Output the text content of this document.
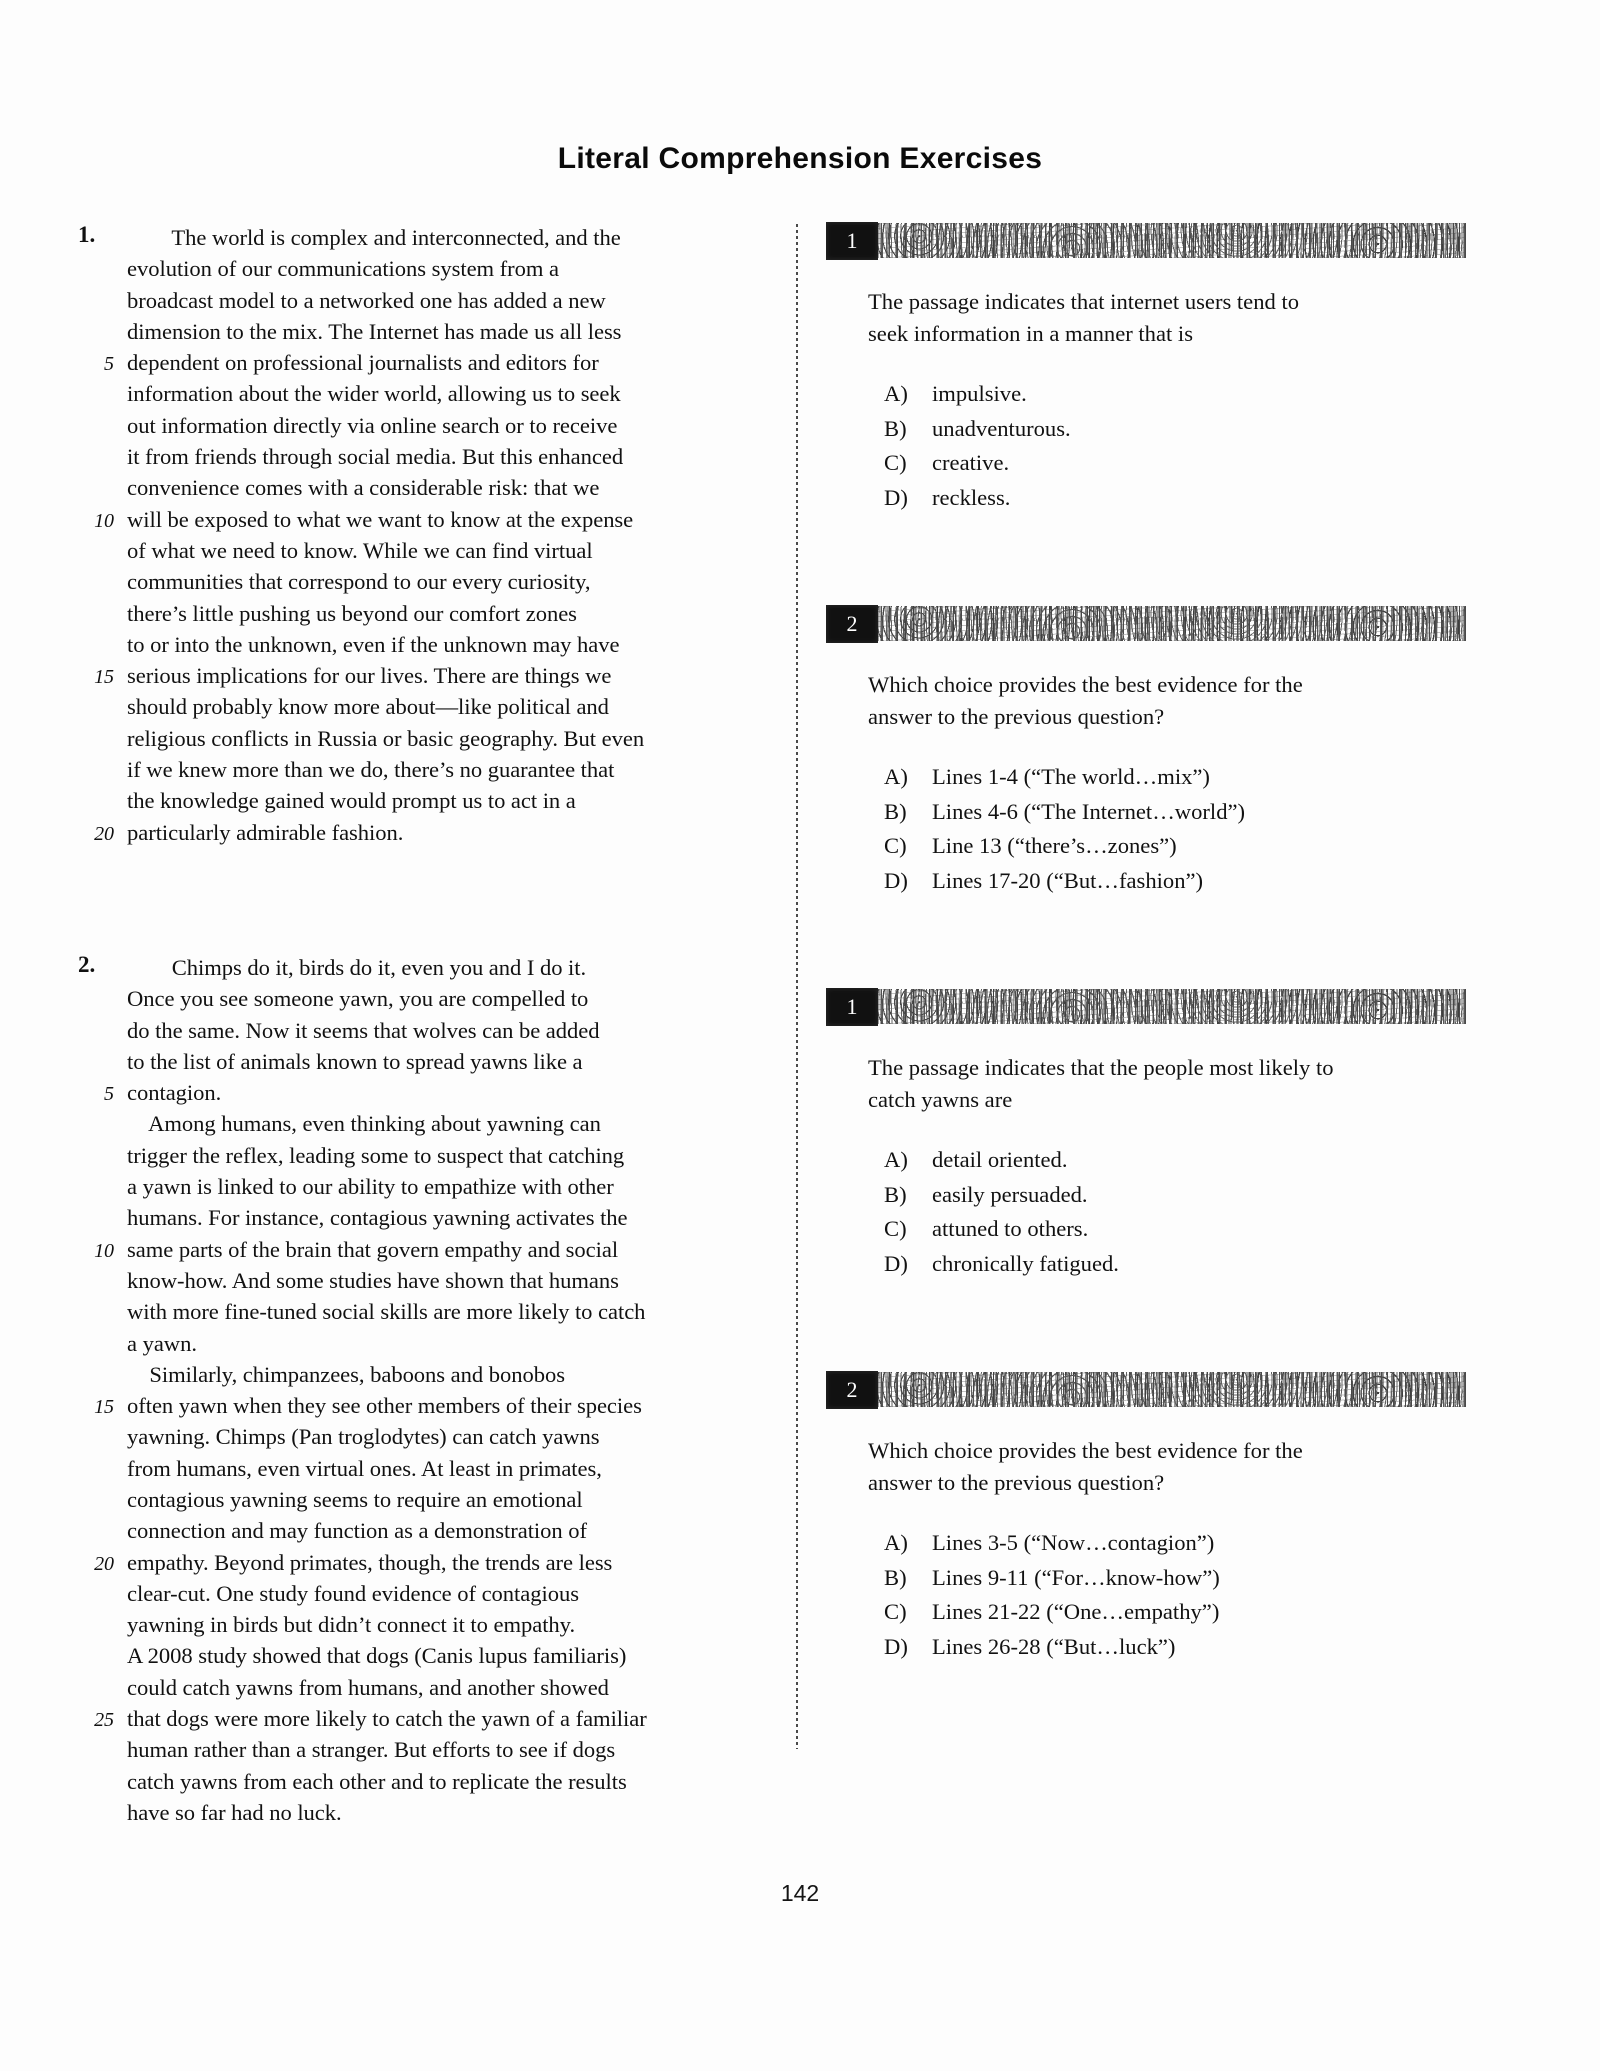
Literal Comprehension Exercises
1.	The world is complex and interconnected, and the
evolution of our communications system from a
broadcast model to a networked one has added a new
dimension to the mix. The Internet has made us all less
5 dependent on professional journalists and editors for
information about the wider world, allowing us to seek
out information directly via online search or to receive
it from friends through social media. But this enhanced
convenience comes with a considerable risk: that we
10 will be exposed to what we want to know at the expense
of what we need to know. While we can find virtual
communities that correspond to our every curiosity,
there’s little pushing us beyond our comfort zones
to or into the unknown, even if the unknown may have
15 serious implications for our lives. There are things we
should probably know more about—like political and
religious conflicts in Russia or basic geography. But even
if we knew more than we do, there’s no guarantee that
the knowledge gained would prompt us to act in a
20 particularly admirable fashion.
2.	Chimps do it, birds do it, even you and I do it.
Once you see someone yawn, you are compelled to
do the same. Now it seems that wolves can be added
to the list of animals known to spread yawns like a
5 contagion.
Among humans, even thinking about yawning can
trigger the reflex, leading some to suspect that catching
a yawn is linked to our ability to empathize with other
humans. For instance, contagious yawning activates the
10 same parts of the brain that govern empathy and social
know-how. And some studies have shown that humans
with more fine-tuned social skills are more likely to catch
a yawn.
Similarly, chimpanzees, baboons and bonobos
15 often yawn when they see other members of their species
yawning. Chimps (Pan troglodytes) can catch yawns
from humans, even virtual ones. At least in primates,
contagious yawning seems to require an emotional
connection and may function as a demonstration of
20 empathy. Beyond primates, though, the trends are less
clear-cut. One study found evidence of contagious
yawning in birds but didn’t connect it to empathy.
A 2008 study showed that dogs (Canis lupus familiaris)
could catch yawns from humans, and another showed
25 that dogs were more likely to catch the yawn of a familiar
human rather than a stranger. But efforts to see if dogs
catch yawns from each other and to replicate the results
have so far had no luck.
1
The passage indicates that internet users tend to
seek information in a manner that is
A) impulsive.
B) unadventurous.
C) creative.
D) reckless.
2
Which choice provides the best evidence for the
answer to the previous question?
A) Lines 1-4 (“The world…mix”)
B) Lines 4-6 (“The Internet…world”)
C) Line 13 (“there’s…zones”)
D) Lines 17-20 (“But…fashion”)
1
The passage indicates that the people most likely to
catch yawns are
A) detail oriented.
B) easily persuaded.
C) attuned to others.
D) chronically fatigued.
2
Which choice provides the best evidence for the
answer to the previous question?
A) Lines 3-5 (“Now…contagion”)
B) Lines 9-11 (“For…know-how”)
C) Lines 21-22 (“One…empathy”)
D) Lines 26-28 (“But…luck”)
142
